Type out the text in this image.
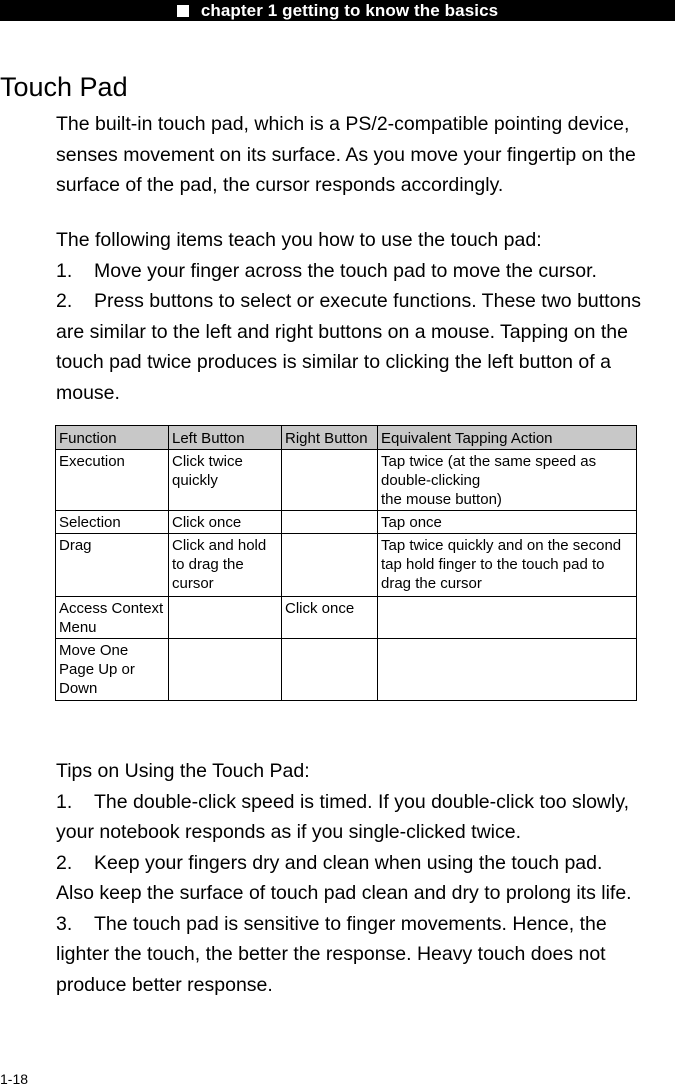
chapter 1 getting to know the basics
Touch Pad
The built-in touch pad, which is a PS/2-compatible pointing device,
senses movement on its surface. As you move your fingertip on the
surface of the pad, the cursor responds accordingly.
The following items teach you how to use the touch pad:
1. Move your finger across the touch pad to move the cursor.
2. Press buttons to select or execute functions. These two buttons
are similar to the left and right buttons on a mouse. Tapping on the
touch pad twice produces is similar to clicking the left button of a
mouse.
Function	Left Button	Right Button	Equivalent Tapping Action
Execution	Click twice quickly		Tap twice (at the same speed as double-clicking
the mouse button)
Selection	Click once		Tap once
Drag	Click and hold to drag the cursor		Tap twice quickly and on the second tap hold finger to the touch pad to drag the cursor
Access Context Menu		Click once	
Move One Page Up or Down			
Tips on Using the Touch Pad:
1. The double-click speed is timed. If you double-click too slowly,
your notebook responds as if you single-clicked twice.
2. Keep your fingers dry and clean when using the touch pad.
Also keep the surface of touch pad clean and dry to prolong its life.
3. The touch pad is sensitive to finger movements. Hence, the
lighter the touch, the better the response. Heavy touch does not
produce better response.
1-18
